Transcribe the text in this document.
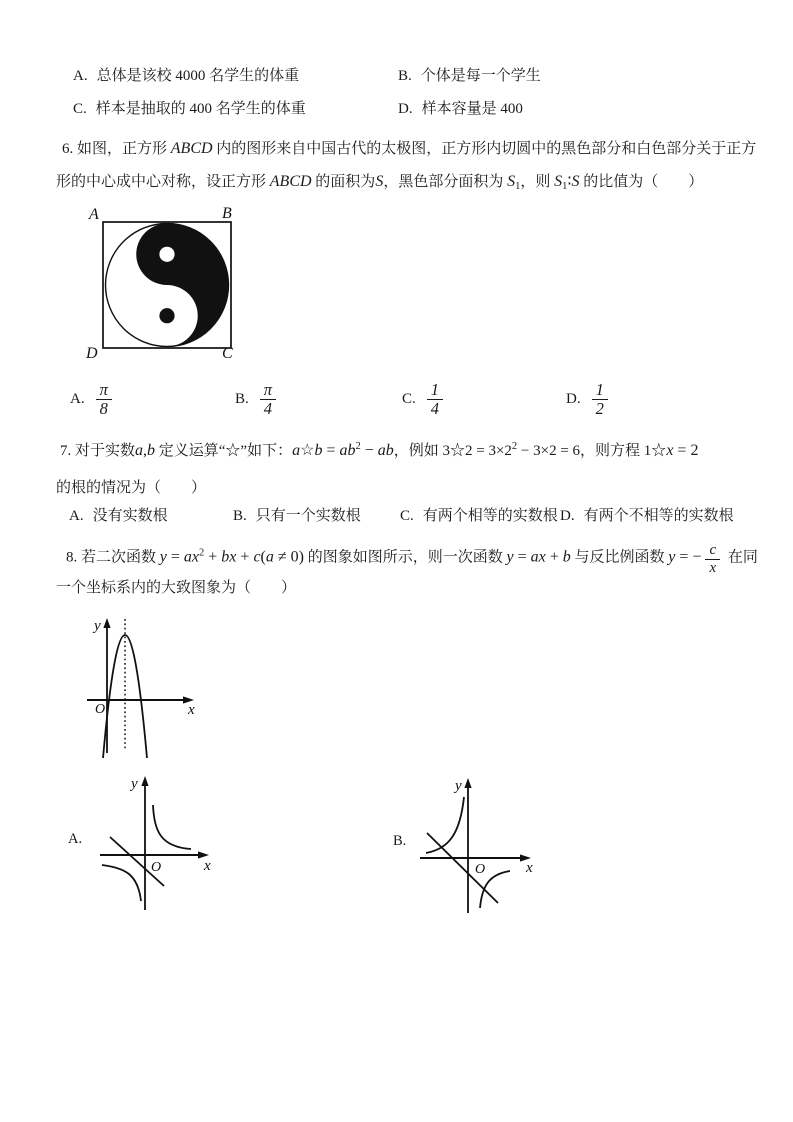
A. 总体是该校 4000 名学生的体重	B. 个体是每一个学生
C. 样本是抽取的 400 名学生的体重	D. 样本容量是 400
6. 如图，正方形 ABCD 内的图形来自中国古代的太极图，正方形内切圆中的黑色部分和白色部分关于正方
形的中心成中心对称，设正方形 ABCD 的面积为S，黑色部分面积为 $S_1$，则 $S_1∶S$ 的比值为（　　）
A	B
D	C
A. $\frac{\pi}{8}$	B. $\frac{\pi}{4}$	C. $\frac{1}{4}$	D. $\frac{1}{2}$
7. 对于实数a,b 定义运算“☆”如下：a☆b = $ab^2$ − ab，例如 3☆2 = $3\times 2^2 - 3\times 2 = 6$，则方程 1☆x = 2
的根的情况为（　　）
A. 没有实数根	B. 只有一个实数根	C. 有两个相等的实数根 D. 有两个不相等的实数根
8. 若二次函数 $y = ax^2$ + bx + c(a ≠ 0) 的图象如图所示，则一次函数 y = ax + b 与反比例函数 y = − $\frac{c}{x}$ 在同
一个坐标系内的大致图象为（　　）
y
x
O
A.
y
x
O
B.
y
x
O
